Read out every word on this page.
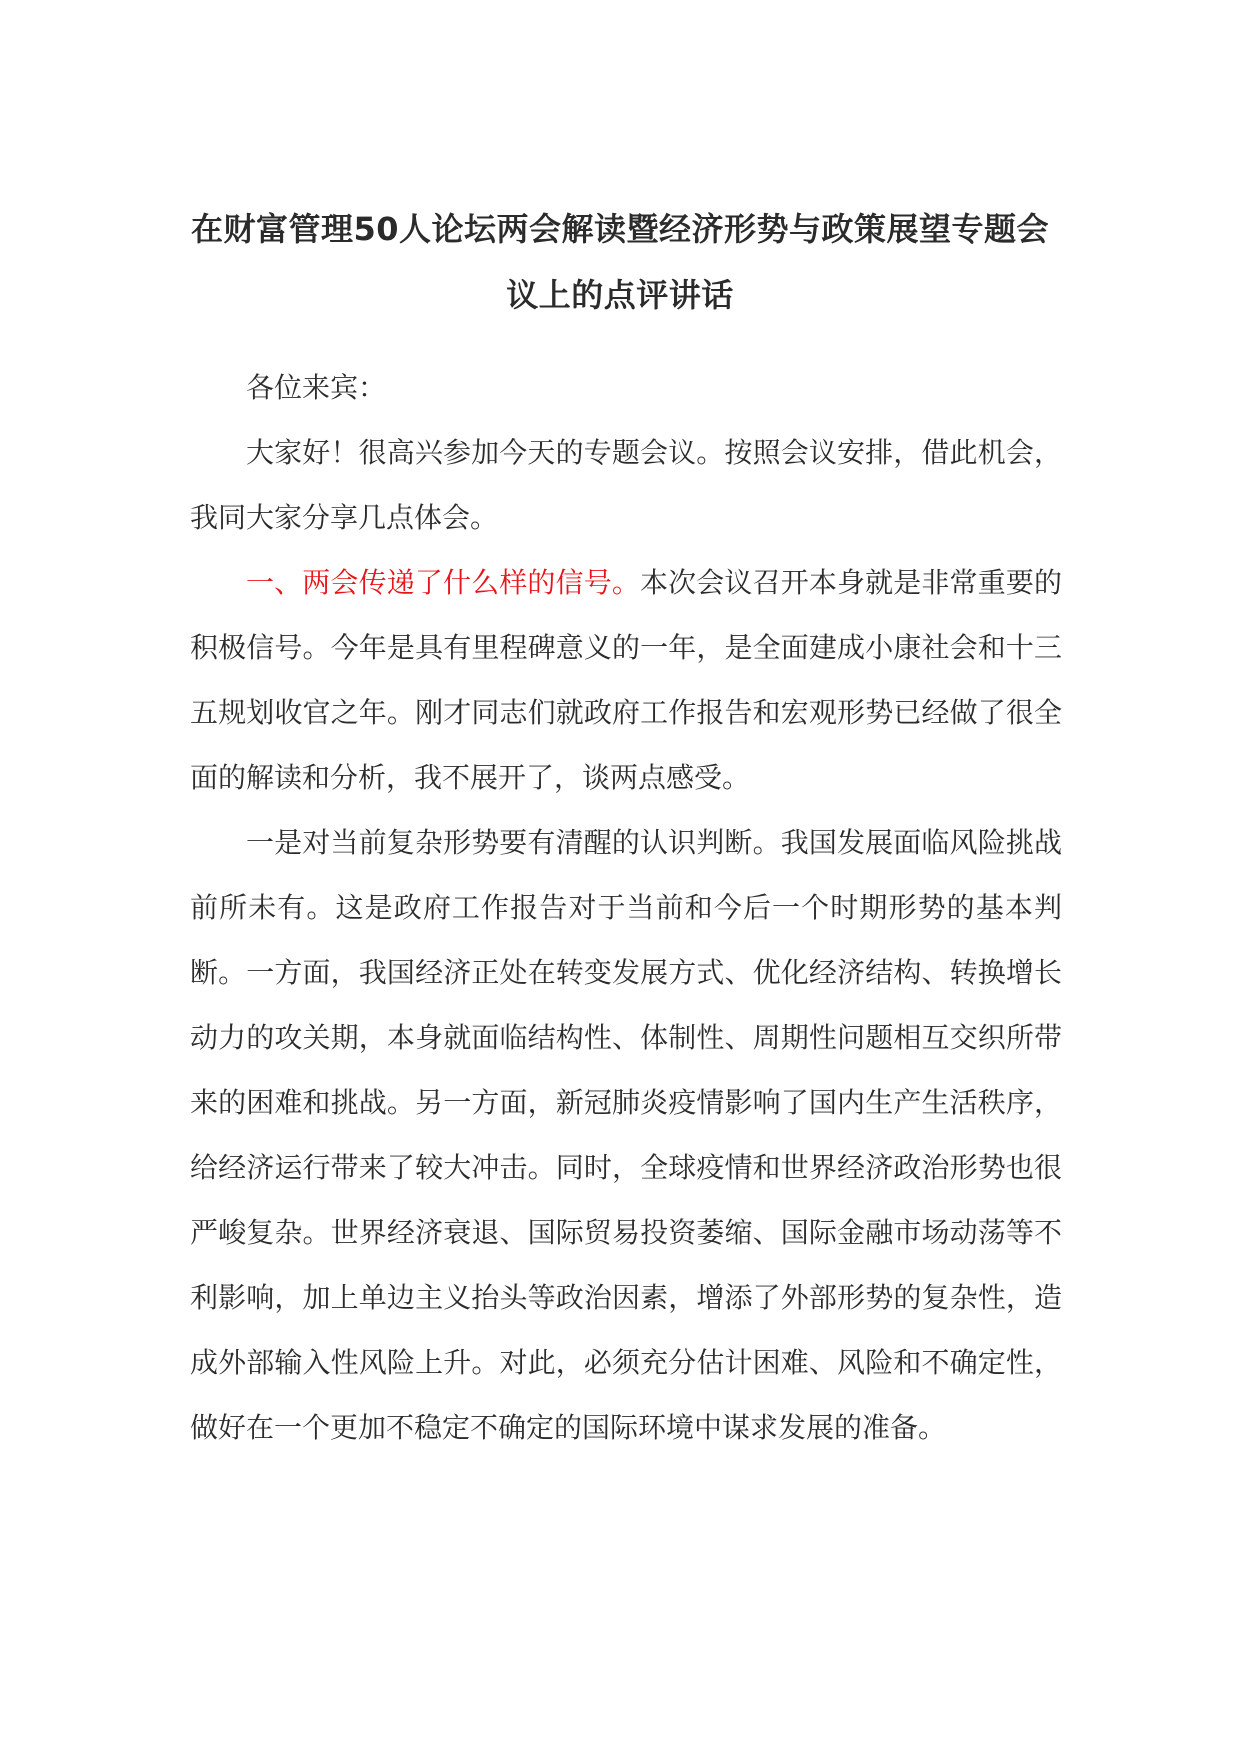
在财富管理50人论坛两会解读暨经济形势与政策展望专题会议上的点评讲话

各位来宾：

大家好！很高兴参加今天的专题会议。按照会议安排，借此机会，我同大家分享几点体会。

一、两会传递了什么样的信号。本次会议召开本身就是非常重要的积极信号。今年是具有里程碑意义的一年，是全面建成小康社会和十三五规划收官之年。刚才同志们就政府工作报告和宏观形势已经做了很全面的解读和分析，我不展开了，谈两点感受。

一是对当前复杂形势要有清醒的认识判断。我国发展面临风险挑战前所未有。这是政府工作报告对于当前和今后一个时期形势的基本判断。一方面，我国经济正处在转变发展方式、优化经济结构、转换增长动力的攻关期，本身就面临结构性、体制性、周期性问题相互交织所带来的困难和挑战。另一方面，新冠肺炎疫情影响了国内生产生活秩序，给经济运行带来了较大冲击。同时，全球疫情和世界经济政治形势也很严峻复杂。世界经济衰退、国际贸易投资萎缩、国际金融市场动荡等不利影响，加上单边主义抬头等政治因素，增添了外部形势的复杂性，造成外部输入性风险上升。对此，必须充分估计困难、风险和不确定性，做好在一个更加不稳定不确定的国际环境中谋求发展的准备。
